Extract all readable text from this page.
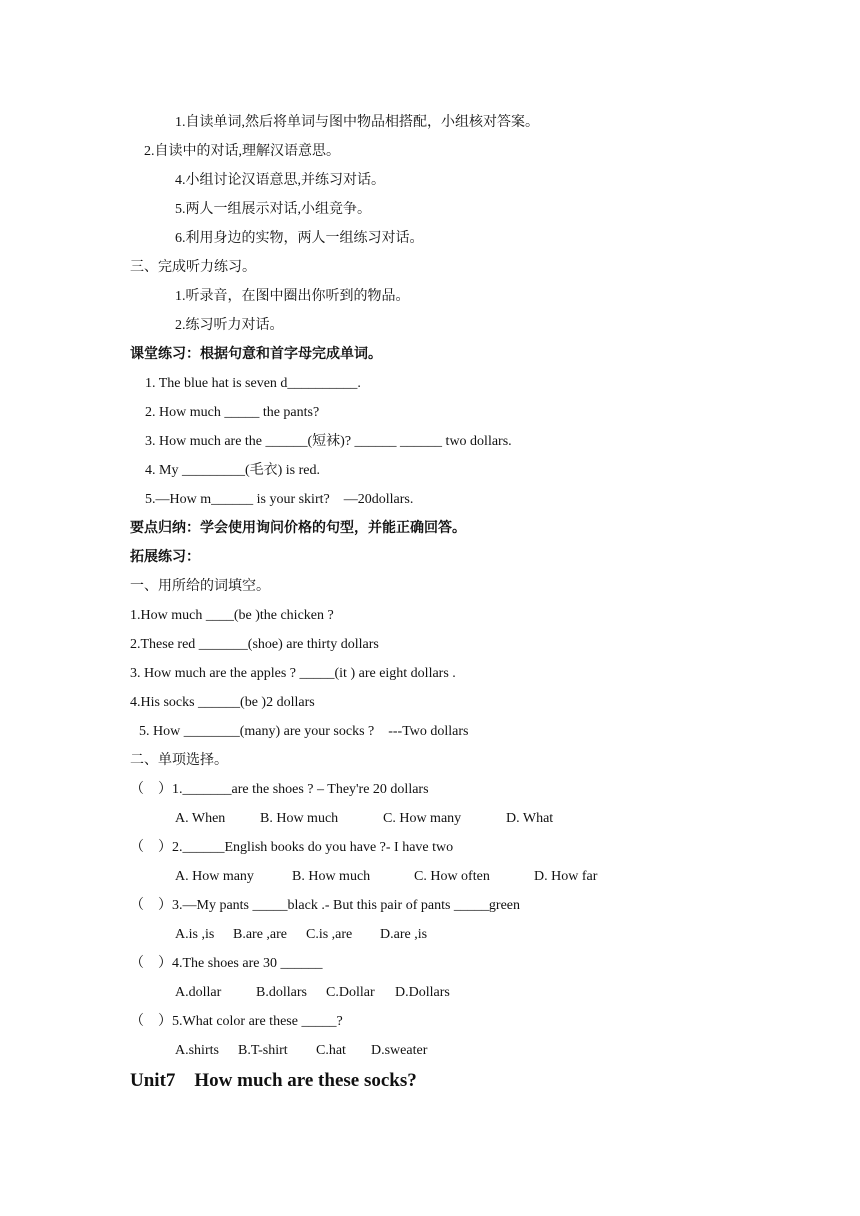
1.自读单词,然后将单词与图中物品相搭配，小组核对答案。
2.自读中的对话,理解汉语意思。
4.小组讨论汉语意思,并练习对话。
5.两人一组展示对话,小组竞争。
6.利用身边的实物，两人一组练习对话。
三、完成听力练习。
1.听录音，在图中圈出你听到的物品。
2.练习听力对话。
课堂练习：根据句意和首字母完成单词。
1. The blue hat is seven d__________.
2. How much _____ the pants?
3. How much are the ______(短袜)? ______ ______ two dollars.
4. My _________(毛衣) is red.
5.—How m______ is your skirt?    —20dollars.
要点归纳：学会使用询问价格的句型，并能正确回答。
拓展练习：
一、用所给的词填空。
1.How much ____(be )the chicken ?
2.These red _______(shoe) are thirty dollars
3. How much are the apples ? _____(it ) are eight dollars .
4.His socks ______(be )2 dollars
5. How ________(many) are your socks ?    ---Two dollars
二、单项选择。
（    ）1._______are the shoes ? – They're 20 dollars

A. When

B. How much

	C. How many

	D. What

（    ）2.______English books do you have ?- I have two

A. How many

	B. How much

	C. How often

	D. How far

（    ）3.—My pants _____black .- But this pair of pants _____green

A.is ,is

B.are ,are

C.is ,are

D.are ,is

（    ）4.The shoes are 30 ______

A.dollar

B.dollars

C.Dollar

D.Dollars

（    ）5.What color are these _____?

A.shirts

B.T-shirt

C.hat

D.sweater

Unit7    How much are these socks?
